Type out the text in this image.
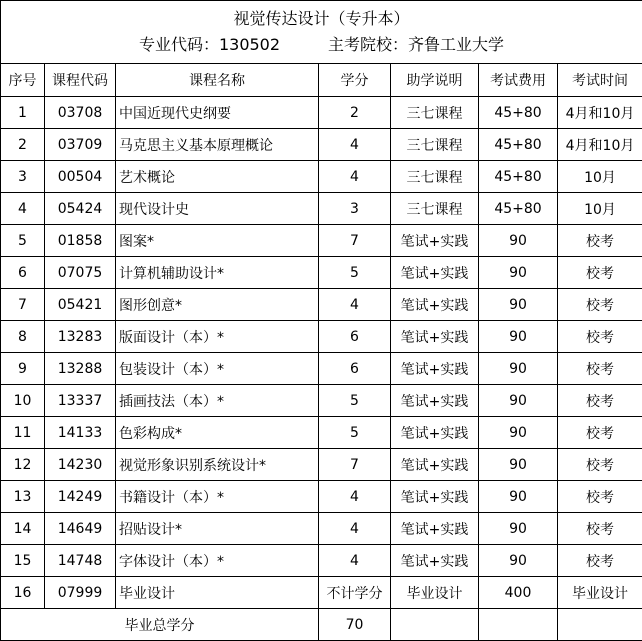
视觉传达设计（专升本）
专业代码：130502　　　主考院校：齐鲁工业大学						

序号	课程代码	课程名称	学分	助学说明	考试费用	考试时间
1	03708	中国近现代史纲要	2	三七课程	45+80	4月和10月
2	03709	马克思主义基本原理概论	4	三七课程	45+80	4月和10月
3	00504	艺术概论	4	三七课程	45+80	10月
4	05424	现代设计史	3	三七课程	45+80	10月
5	01858	图案*	7	笔试+实践	90	校考
6	07075	计算机辅助设计*	5	笔试+实践	90	校考
7	05421	图形创意*	4	笔试+实践	90	校考
8	13283	版面设计（本）*	6	笔试+实践	90	校考
9	13288	包装设计（本）*	6	笔试+实践	90	校考
10	13337	插画技法（本）*	5	笔试+实践	90	校考
11	14133	色彩构成*	5	笔试+实践	90	校考
12	14230	视觉形象识别系统设计*	7	笔试+实践	90	校考
13	14249	书籍设计（本）*	4	笔试+实践	90	校考
14	14649	招贴设计*	4	笔试+实践	90	校考
15	14748	字体设计（本）*	4	笔试+实践	90	校考
16	07999	毕业设计	不计学分	毕业设计	400	毕业设计
毕业总学分			70			
